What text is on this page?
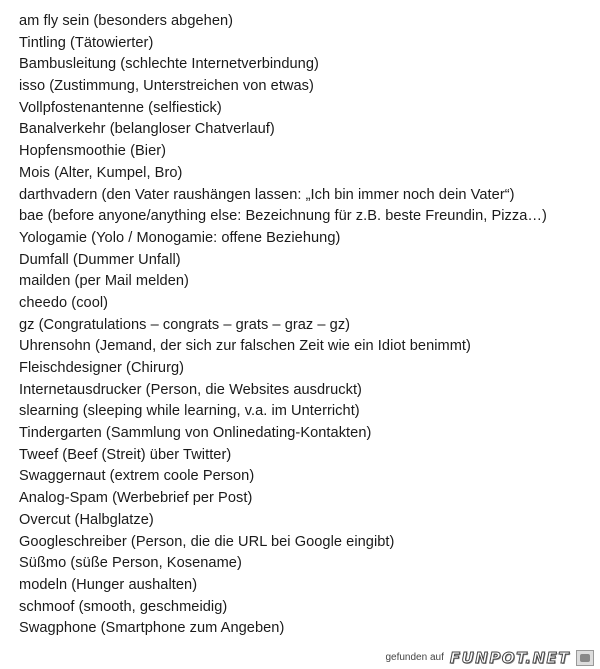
am fly sein (besonders abgehen)
Tintling (Tätowierter)
Bambusleitung (schlechte Internetverbindung)
isso (Zustimmung, Unterstreichen von etwas)
Vollpfostenantenne (selfiestick)
Banalverkehr (belangloser Chatverlauf)
Hopfensmoothie (Bier)
Mois (Alter, Kumpel, Bro)
darthvadern (den Vater raushängen lassen: „Ich bin immer noch dein Vater“)
bae (before anyone/anything else: Bezeichnung für z.B. beste Freundin, Pizza…)
Yologamie (Yolo / Monogamie: offene Beziehung)
Dumfall (Dummer Unfall)
mailden (per Mail melden)
cheedo (cool)
gz (Congratulations – congrats – grats – graz – gz)
Uhrensohn (Jemand, der sich zur falschen Zeit wie ein Idiot benimmt)
Fleischdesigner (Chirurg)
Internetausdrucker (Person, die Websites ausdruckt)
slearning (sleeping while learning, v.a. im Unterricht)
Tindergarten (Sammlung von Onlinedating-Kontakten)
Tweef (Beef (Streit) über Twitter)
Swaggernaut (extrem coole Person)
Analog-Spam (Werbebrief per Post)
Overcut (Halbglatze)
Googleschreiber (Person, die die URL bei Google eingibt)
Süßmo (süße Person, Kosename)
modeln (Hunger aushalten)
schmoof (smooth, geschmeidig)
Swagphone (Smartphone zum Angeben)
gefunden auf FUNPOT.NET
